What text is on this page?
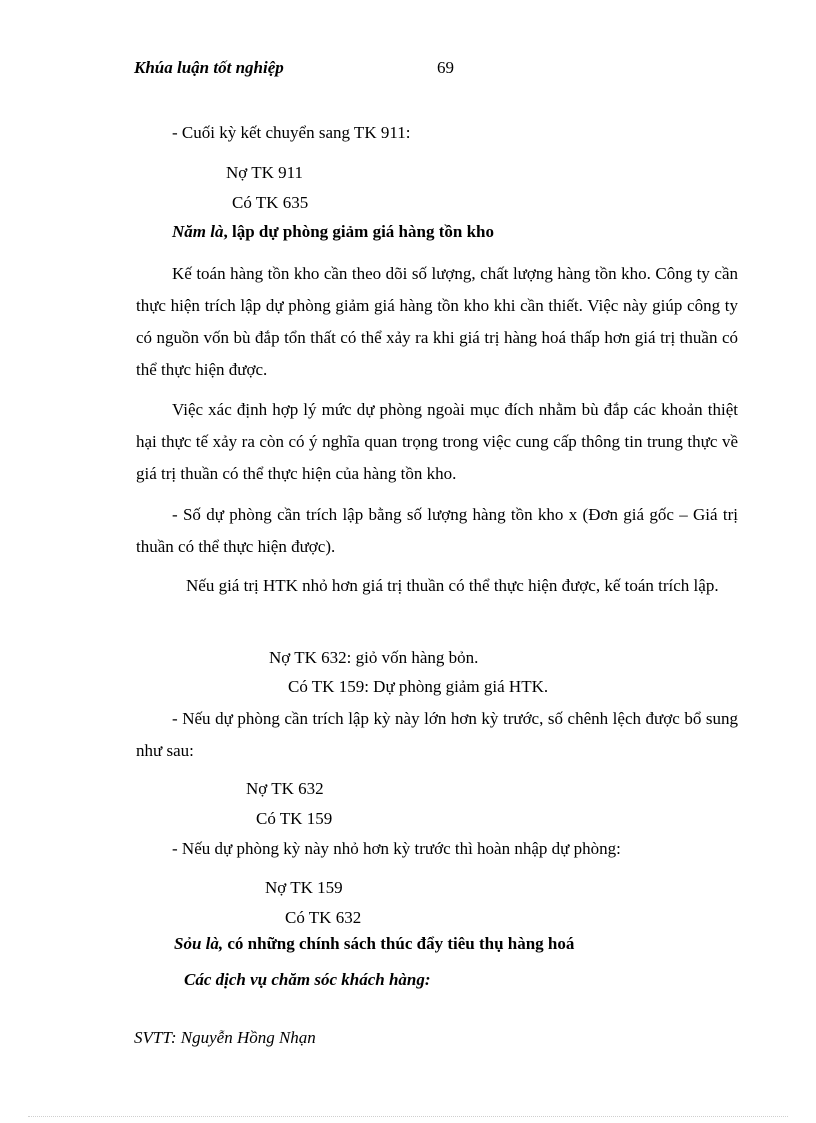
Khúa luận tốt nghiệp	69
- Cuối kỳ kết chuyển sang TK 911:
Nợ TK 911
Có TK 635
Năm là, lập dự phòng giảm giá hàng tồn kho
Kế toán hàng tồn kho cần theo dõi số lượng, chất lượng hàng tồn kho. Công ty cần thực hiện trích lập dự phòng giảm giá hàng tồn kho khi cần thiết. Việc này giúp công ty có nguồn vốn bù đắp tổn thất có thể xảy ra khi giá trị hàng hoá thấp hơn giá trị thuần có thể thực hiện được.
Việc xác định hợp lý mức dự phòng ngoài mục đích nhằm bù đắp các khoản thiệt hại thực tế xảy ra còn có ý nghĩa quan trọng trong việc cung cấp thông tin trung thực về giá trị thuần có thể thực hiện của hàng tồn kho.
- Số dự phòng cần trích lập bằng số lượng hàng tồn kho x (Đơn giá gốc – Giá trị thuần có thể thực hiện được).
Nếu giá trị HTK nhỏ hơn giá trị thuần có thể thực hiện được, kế toán trích lập.
Nợ TK 632: giỏ vốn hàng bỏn.
Có TK 159: Dự phòng giảm giá HTK.
- Nếu dự phòng cần trích lập kỳ này lớn hơn kỳ trước, số chênh lệch được bổ sung như sau:
Nợ TK 632
Có TK 159
- Nếu dự phòng kỳ này nhỏ hơn kỳ trước thì hoàn nhập dự phòng:
Nợ TK 159
Có TK 632
Sỏu là, có những chính sách thúc đẩy tiêu thụ hàng hoá
Các dịch vụ chăm sóc khách hàng:
SVTT: Nguyễn Hồng Nhạn
